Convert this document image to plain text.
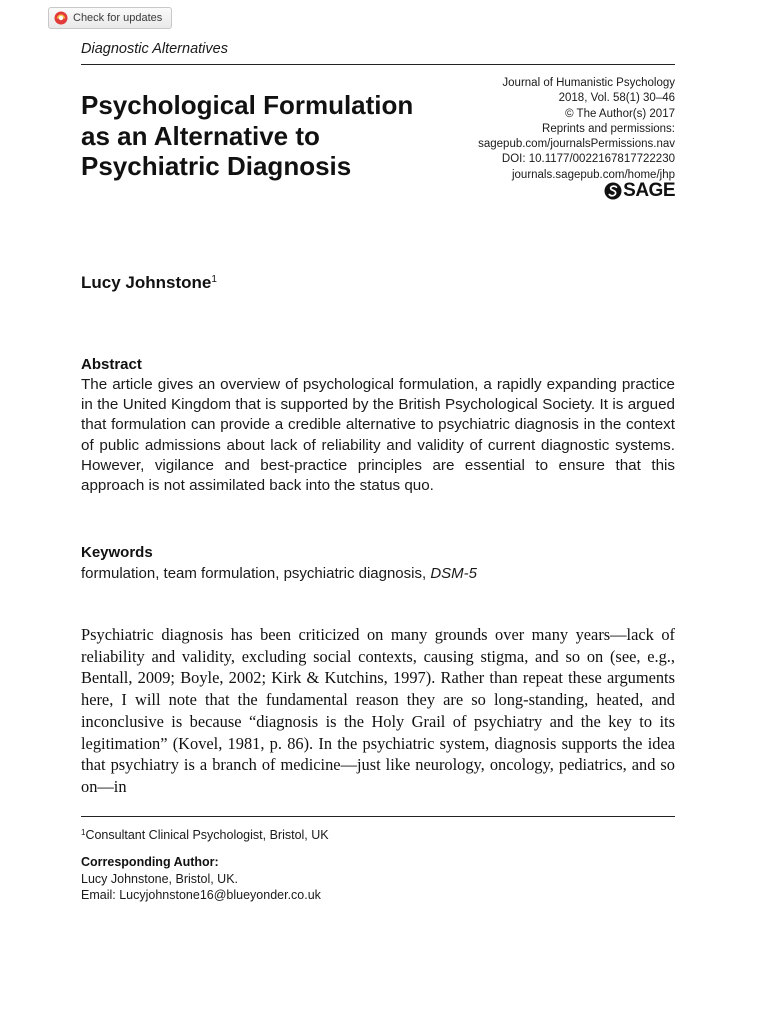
Check for updates
Diagnostic Alternatives
Psychological Formulation as an Alternative to Psychiatric Diagnosis
Journal of Humanistic Psychology
2018, Vol. 58(1) 30–46
© The Author(s) 2017
Reprints and permissions:
sagepub.com/journalsPermissions.nav
DOI: 10.1177/0022167817722230
journals.sagepub.com/home/jhp
SAGE
Lucy Johnstone$^1$
Abstract

The article gives an overview of psychological formulation, a rapidly expanding practice in the United Kingdom that is supported by the British Psychological Society. It is argued that formulation can provide a credible alternative to psychiatric diagnosis in the context of public admissions about lack of reliability and validity of current diagnostic systems. However, vigilance and best-practice principles are essential to ensure that this approach is not assimilated back into the status quo.

Keywords
formulation, team formulation, psychiatric diagnosis, DSM-5

Psychiatric diagnosis has been criticized on many grounds over many years—lack of reliability and validity, excluding social contexts, causing stigma, and so on (see, e.g., Bentall, 2009; Boyle, 2002; Kirk & Kutchins, 1997). Rather than repeat these arguments here, I will note that the fundamental reason they are so long-standing, heated, and inconclusive is because “diagnosis is the Holy Grail of psychiatry and the key to its legitimation” (Kovel, 1981, p. 86). In the psychiatric system, diagnosis supports the idea that psychiatry is a branch of medicine—just like neurology, oncology, pediatrics, and so on—in

$^1$Consultant Clinical Psychologist, Bristol, UK
Corresponding Author:
Lucy Johnstone, Bristol, UK.
Email: Lucyjohnstone16@blueyonder.co.uk
